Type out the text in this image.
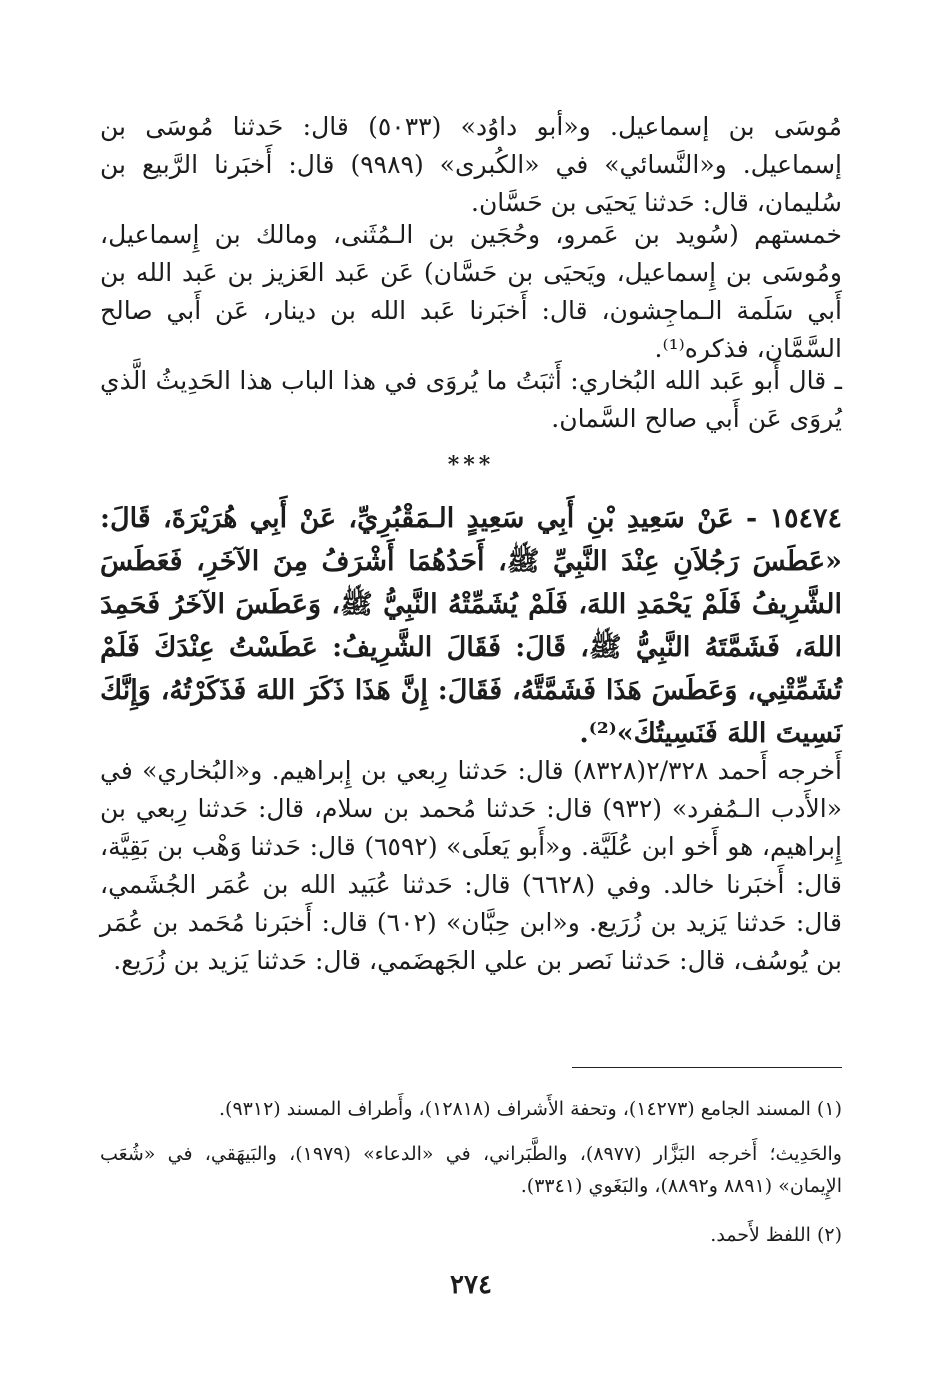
مُوسَى بن إسماعيل. و«أبو داوُد» (٥٠٣٣) قال: حَدثنا مُوسَى بن إسماعيل. و«النَّسائي» في «الكُبرى» (٩٩٨٩) قال: أَخبَرنا الرَّبيع بن سُليمان، قال: حَدثنا يَحيَى بن حَسَّان.

خمستهم (سُويد بن عَمرو، وحُجَين بن الـمُثَنى، ومالك بن إِسماعيل، ومُوسَى بن إِسماعيل، ويَحيَى بن حَسَّان) عَن عَبد العَزيز بن عَبد الله بن أَبي سَلَمة الـماجِشون، قال: أَخبَرنا عَبد الله بن دينار، عَن أَبي صالح السَّمَّان، فذكره⁽¹⁾.

ـ قال أَبو عَبد الله البُخاري: أَثبَتُ ما يُروَى في هذا الباب هذا الحَدِيثُ الَّذي يُروَى عَن أَبي صالح السَّمان.

***

١٥٤٧٤ - عَنْ سَعِيدِ بْنِ أَبِي سَعِيدٍ الـمَقْبُرِيِّ، عَنْ أَبِي هُرَيْرَةَ، قَالَ: «عَطَسَ رَجُلاَنِ عِنْدَ النَّبِيِّ ﷺ، أَحَدُهُمَا أَشْرَفُ مِنَ الآخَرِ، فَعَطَسَ الشَّرِيفُ فَلَمْ يَحْمَدِ اللهَ، فَلَمْ يُشَمِّتْهُ النَّبِيُّ ﷺ، وَعَطَسَ الآخَرُ فَحَمِدَ اللهَ، فَشَمَّتَهُ النَّبِيُّ ﷺ، قَالَ: فَقَالَ الشَّرِيفُ: عَطَسْتُ عِنْدَكَ فَلَمْ تُشَمِّتْنِي، وَعَطَسَ هَذَا فَشَمَّتَّهُ، فَقَالَ: إِنَّ هَذَا ذَكَرَ اللهَ فَذَكَرْتُهُ، وَإِنَّكَ نَسِيتَ اللهَ فَنَسِيتُكَ»⁽²⁾.

أَخرجه أَحمد ٢/٣٢٨(٨٣٢٨) قال: حَدثنا رِبعي بن إِبراهيم. و«البُخاري» في «الأَدب الـمُفرد» (٩٣٢) قال: حَدثنا مُحمد بن سلام، قال: حَدثنا رِبعي بن إِبراهيم، هو أَخو ابن عُلَيَّة. و«أَبو يَعلَى» (٦٥٩٢) قال: حَدثنا وَهْب بن بَقِيَّة، قال: أَخبَرنا خالد. وفي (٦٦٢٨) قال: حَدثنا عُبَيد الله بن عُمَر الجُشَمي، قال: حَدثنا يَزيد بن زُرَيع. و«ابن حِبَّان» (٦٠٢) قال: أَخبَرنا مُحَمد بن عُمَر بن يُوسُف، قال: حَدثنا نَصر بن علي الجَهضَمي، قال: حَدثنا يَزيد بن زُرَيع.

(١) المسند الجامع (١٤٢٧٣)، وتحفة الأَشراف (١٢٨١٨)، وأَطراف المسند (٩٣١٢).

والحَدِيث؛ أَخرجه البَزَّار (٨٩٧٧)، والطَّبَراني، في «الدعاء» (١٩٧٩)، والبَيهَقي، في «شُعَب الإِيمان» (٨٨٩١ و٨٨٩٢)، والبَغَوي (٣٣٤١).

(٢) اللفظ لأَحمد.

٢٧٤
